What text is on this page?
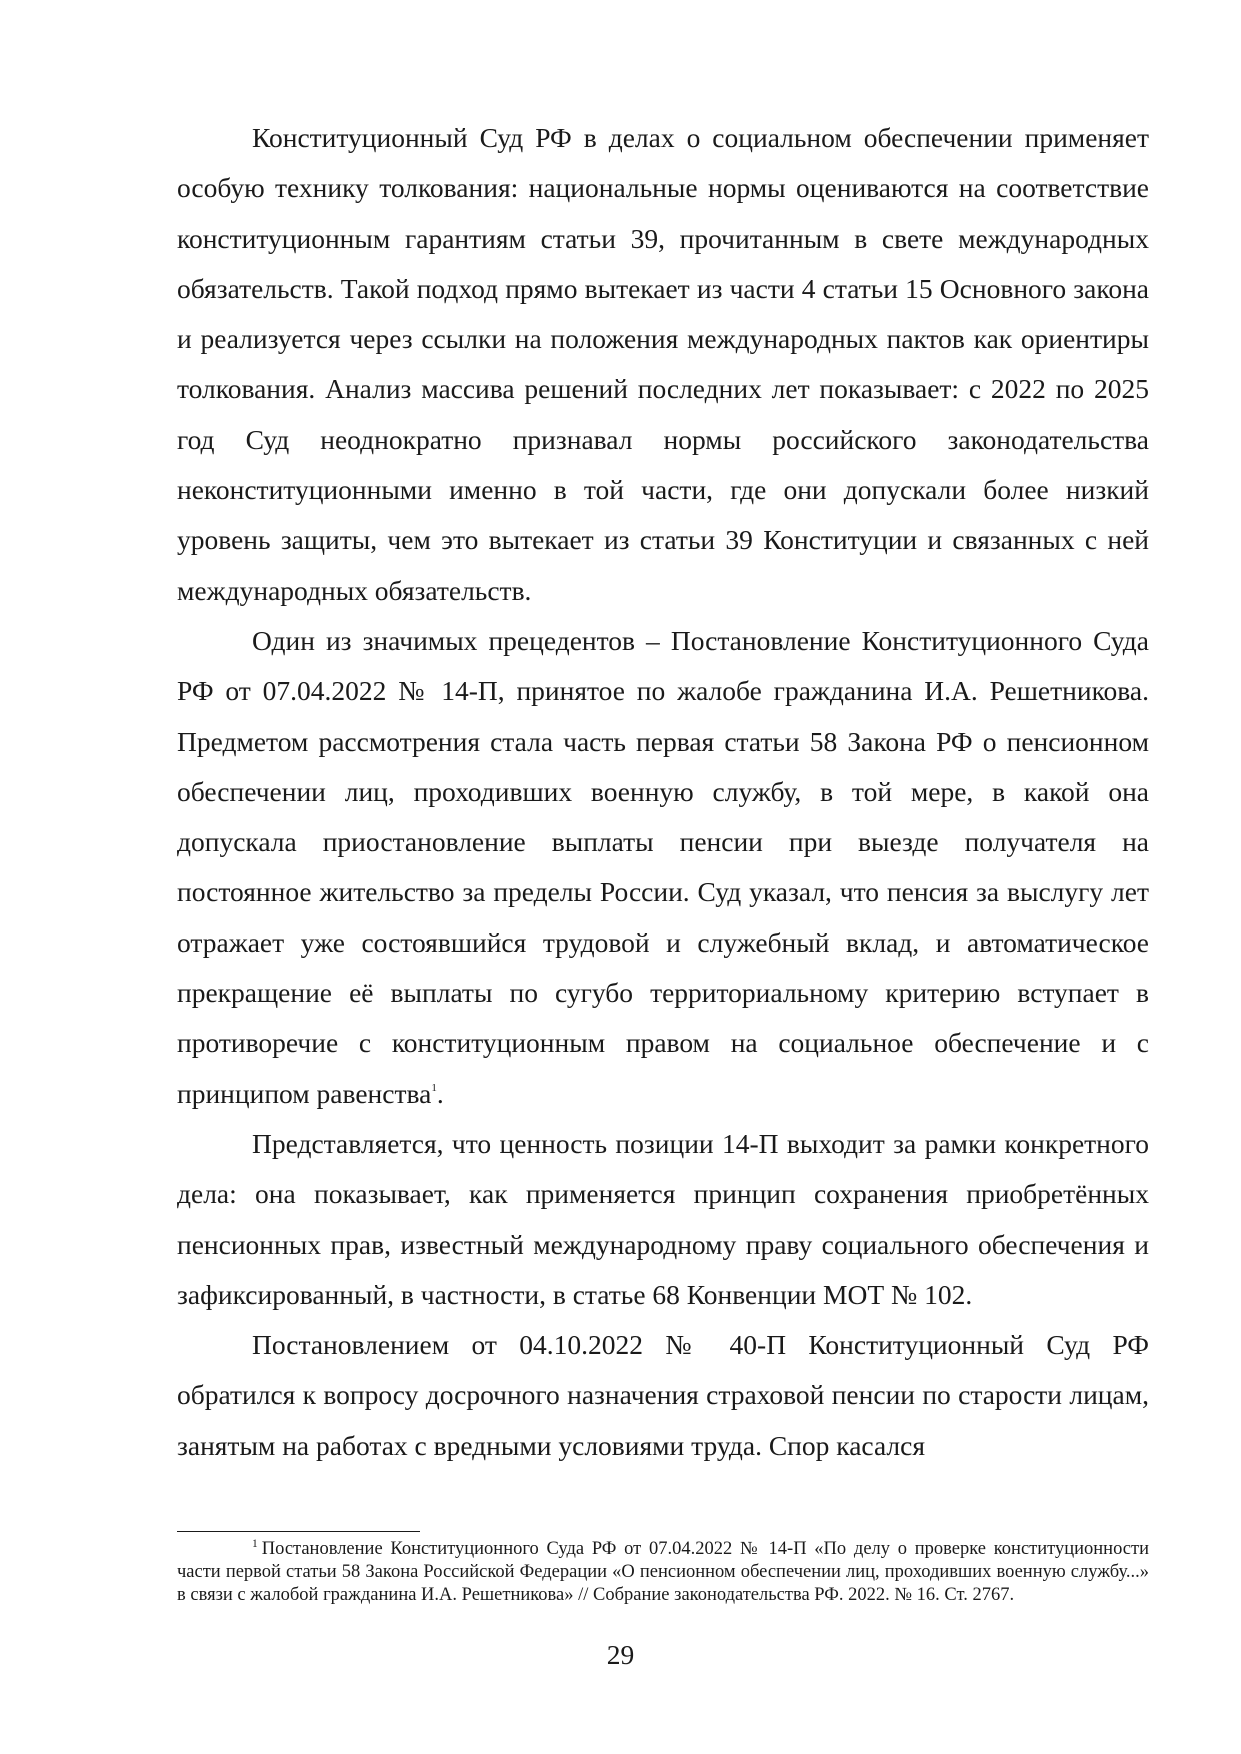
Конституционный Суд РФ в делах о социальном обеспечении применяет особую технику толкования: национальные нормы оцениваются на соответствие конституционным гарантиям статьи 39, прочитанным в свете международных обязательств. Такой подход прямо вытекает из части 4 статьи 15 Основного закона и реализуется через ссылки на положения международных пактов как ориентиры толкования. Анализ массива решений последних лет показывает: с 2022 по 2025 год Суд неоднократно признавал нормы российского законодательства неконституционными именно в той части, где они допускали более низкий уровень защиты, чем это вытекает из статьи 39 Конституции и связанных с ней международных обязательств.

Один из значимых прецедентов – Постановление Конституционного Суда РФ от 07.04.2022 № 14-П, принятое по жалобе гражданина И.А. Решетникова. Предметом рассмотрения стала часть первая статьи 58 Закона РФ о пенсионном обеспечении лиц, проходивших военную службу, в той мере, в какой она допускала приостановление выплаты пенсии при выезде получателя на постоянное жительство за пределы России. Суд указал, что пенсия за выслугу лет отражает уже состоявшийся трудовой и служебный вклад, и автоматическое прекращение её выплаты по сугубо территориальному критерию вступает в противоречие с конституционным правом на социальное обеспечение и с принципом равенства$^1$.

Представляется, что ценность позиции 14-П выходит за рамки конкретного дела: она показывает, как применяется принцип сохранения приобретённых пенсионных прав, известный международному праву социального обеспечения и зафиксированный, в частности, в статье 68 Конвенции МОТ № 102.

Постановлением от 04.10.2022 № 40-П Конституционный Суд РФ обратился к вопросу досрочного назначения страховой пенсии по старости лицам, занятым на работах с вредными условиями труда. Спор касался

$^1$ Постановление Конституционного Суда РФ от 07.04.2022 № 14-П «По делу о проверке конституционности части первой статьи 58 Закона Российской Федерации «О пенсионном обеспечении лиц, проходивших военную службу...» в связи с жалобой гражданина И.А. Решетникова» // Собрание законодательства РФ. 2022. № 16. Ст. 2767.
29
